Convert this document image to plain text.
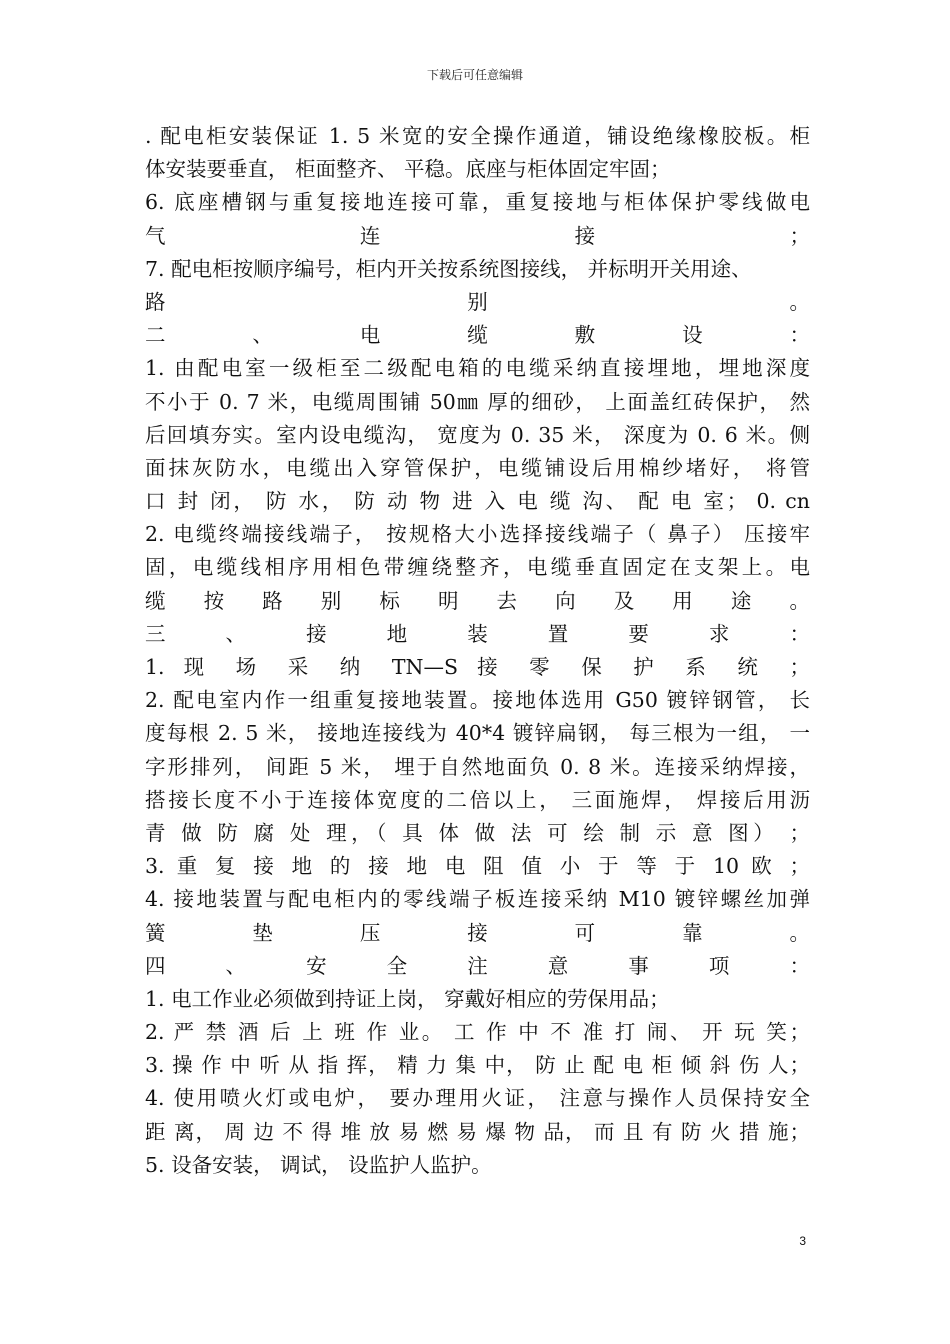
下载后可任意编辑
. 配电柜安装保证 1. 5 米宽的安全操作通道，铺设绝缘橡胶板。柜
体安装要垂直， 柜面整齐、 平稳。底座与柜体固定牢固；
6. 底座槽钢与重复接地连接可靠，重复接地与柜体保护零线做电
气 连 接 ；
7. 配电柜按顺序编号，柜内开关按系统图接线， 并标明开关用途、
路 别 。
二 、 电 缆 敷 设 ：
1. 由配电室一级柜至二级配电箱的电缆采纳直接埋地，埋地深度
不小于 0. 7 米，电缆周围铺 50㎜ 厚的细砂， 上面盖红砖保护， 然
后回填夯实。室内设电缆沟， 宽度为 0. 35 米， 深度为 0. 6 米。侧
面抹灰防水，电缆出入穿管保护，电缆铺设后用棉纱堵好， 将管
口 封 闭， 防 水， 防 动 物 进 入 电 缆 沟、 配 电 室； 0. cn
2. 电缆终端接线端子， 按规格大小选择接线端子（ 鼻子） 压接牢
固，电缆线相序用相色带缠绕整齐，电缆垂直固定在支架上。电
缆 按 路 别 标 明 去 向 及 用 途 。
三 、 接 地 装 置 要 求 ：
1. 现 场 采 纳 TN—S 接 零 保 护 系 统 ；
2. 配电室内作一组重复接地装置。接地体选用 G50 镀锌钢管， 长
度每根 2. 5 米， 接地连接线为 40*4 镀锌扁钢， 每三根为一组， 一
字形排列， 间距 5 米， 埋于自然地面负 0. 8 米。连接采纳焊接，
搭接长度不小于连接体宽度的二倍以上， 三面施焊， 焊接后用沥
青 做 防 腐 处 理，（ 具 体 做 法 可 绘 制 示 意 图） ；
3. 重 复 接 地 的 接 地 电 阻 值 小 于 等 于 10 欧 ；
4. 接地装置与配电柜内的零线端子板连接采纳 M10 镀锌螺丝加弹
簧 垫 压 接 可 靠 。
四 、 安 全 注 意 事 项 ：
1. 电工作业必须做到持证上岗， 穿戴好相应的劳保用品；
2. 严 禁 酒 后 上 班 作 业。 工 作 中 不 准 打 闹、 开 玩 笑；
3. 操 作 中 听 从 指 挥， 精 力 集 中， 防 止 配 电 柜 倾 斜 伤 人；
4. 使用喷火灯或电炉， 要办理用火证， 注意与操作人员保持安全
距 离， 周 边 不 得 堆 放 易 燃 易 爆 物 品， 而 且 有 防 火 措 施；
5. 设备安装， 调试， 设监护人监护。
3
